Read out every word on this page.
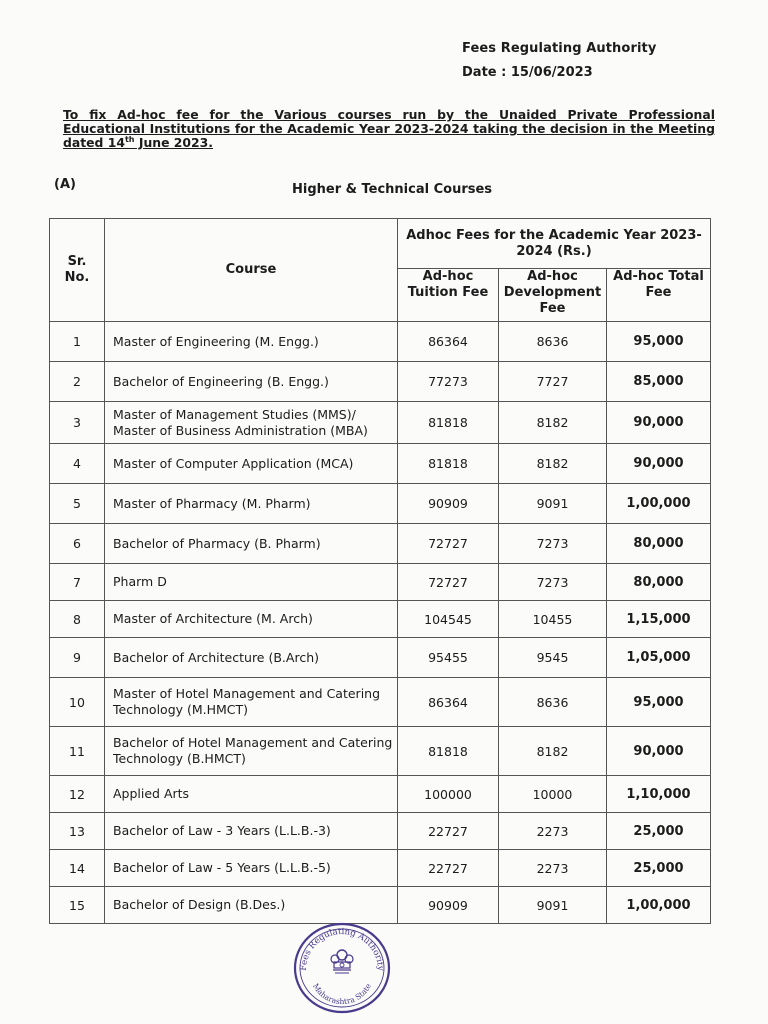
Fees Regulating Authority
Date : 15/06/2023
To fix Ad-hoc fee for the Various courses run by the Unaided Private Professional Educational Institutions for the Academic Year 2023-2024 taking the decision in the Meeting dated 14th June 2023.
(A)	Higher & Technical Courses
Sr. No.	Course	Adhoc Fees for the Academic Year 2023-2024 (Rs.)		
		Ad-hoc Tuition Fee	Ad-hoc Development Fee	Ad-hoc Total Fee
1	Master of Engineering (M. Engg.)	86364	8636	95,000
2	Bachelor of Engineering (B. Engg.)	77273	7727	85,000
3	Master of Management Studies (MMS)/ Master of Business Administration (MBA)	81818	8182	90,000
4	Master of Computer Application (MCA)	81818	8182	90,000
5	Master of Pharmacy (M. Pharm)	90909	9091	1,00,000
6	Bachelor of Pharmacy (B. Pharm)	72727	7273	80,000
7	Pharm D	72727	7273	80,000
8	Master of Architecture (M. Arch)	104545	10455	1,15,000
9	Bachelor of Architecture (B.Arch)	95455	9545	1,05,000
10	Master of Hotel Management and Catering Technology (M.HMCT)	86364	8636	95,000
11	Bachelor of Hotel Management and Catering Technology (B.HMCT)	81818	8182	90,000
12	Applied Arts	100000	10000	1,10,000
13	Bachelor of Law - 3 Years (L.L.B.-3)	22727	2273	25,000
14	Bachelor of Law - 5 Years (L.L.B.-5)	22727	2273	25,000
15	Bachelor of Design (B.Des.)	90909	9091	1,00,000
Fees Regulating Authority
Maharashtra State
